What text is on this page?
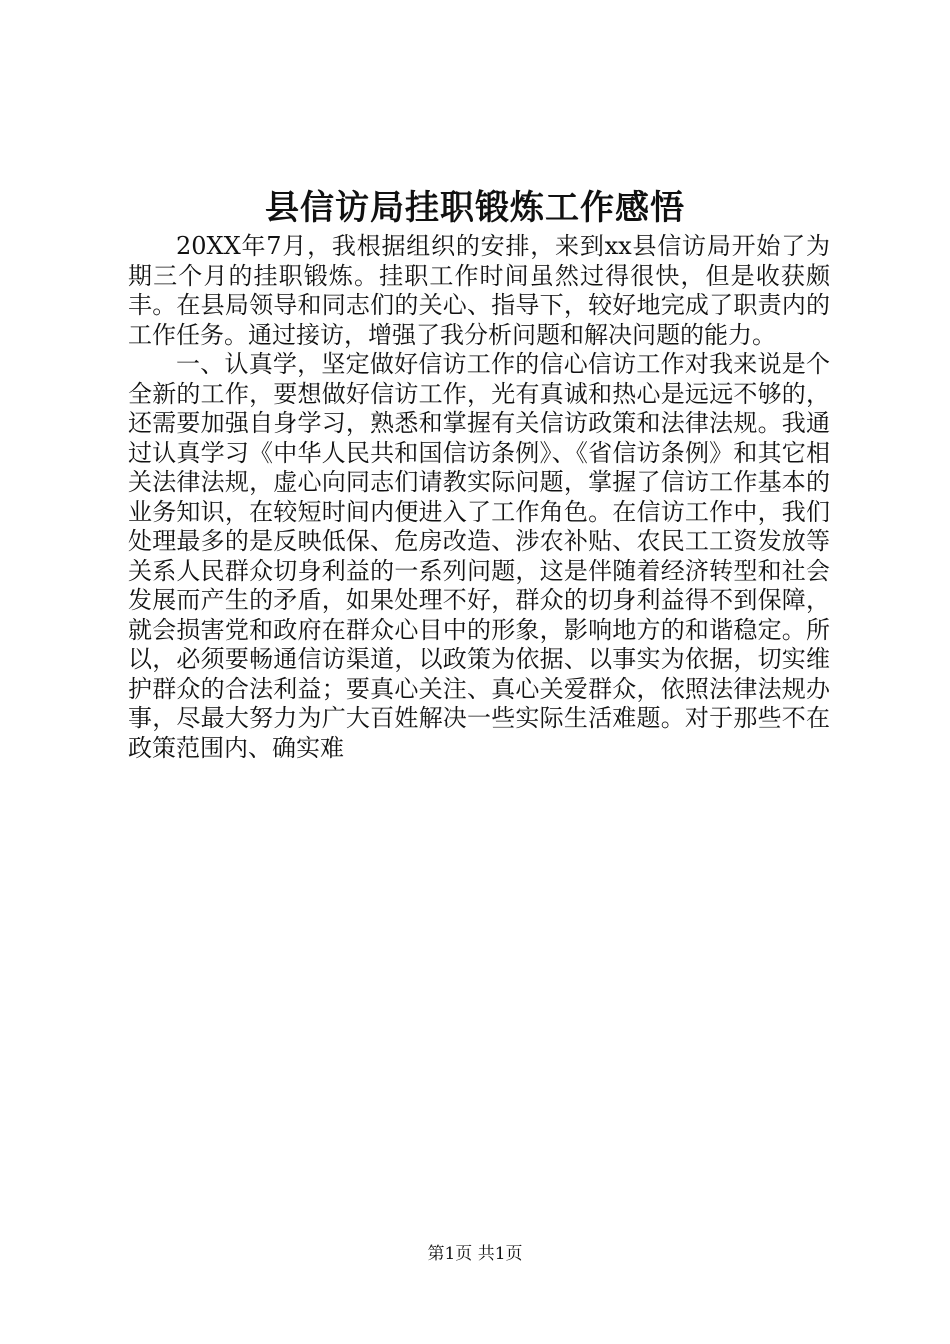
县信访局挂职锻炼工作感悟

20XX年7月，我根据组织的安排，来到xx县信访局开始了为期三个月的挂职锻炼。挂职工作时间虽然过得很快，但是收获颇丰。在县局领导和同志们的关心、指导下，较好地完成了职责内的工作任务。通过接访，增强了我分析问题和解决问题的能力。

一、认真学，坚定做好信访工作的信心信访工作对我来说是个全新的工作，要想做好信访工作，光有真诚和热心是远远不够的，还需要加强自身学习，熟悉和掌握有关信访政策和法律法规。我通过认真学习《中华人民共和国信访条例》、《省信访条例》和其它相关法律法规，虚心向同志们请教实际问题，掌握了信访工作基本的业务知识，在较短时间内便进入了工作角色。在信访工作中，我们处理最多的是反映低保、危房改造、涉农补贴、农民工工资发放等关系人民群众切身利益的一系列问题，这是伴随着经济转型和社会发展而产生的矛盾，如果处理不好，群众的切身利益得不到保障，就会损害党和政府在群众心目中的形象，影响地方的和谐稳定。所以，必须要畅通信访渠道，以政策为依据、以事实为依据，切实维护群众的合法利益；要真心关注、真心关爱群众，依照法律法规办事，尽最大努力为广大百姓解决一些实际生活难题。对于那些不在政策范围内、确实难

第1页 共1页
